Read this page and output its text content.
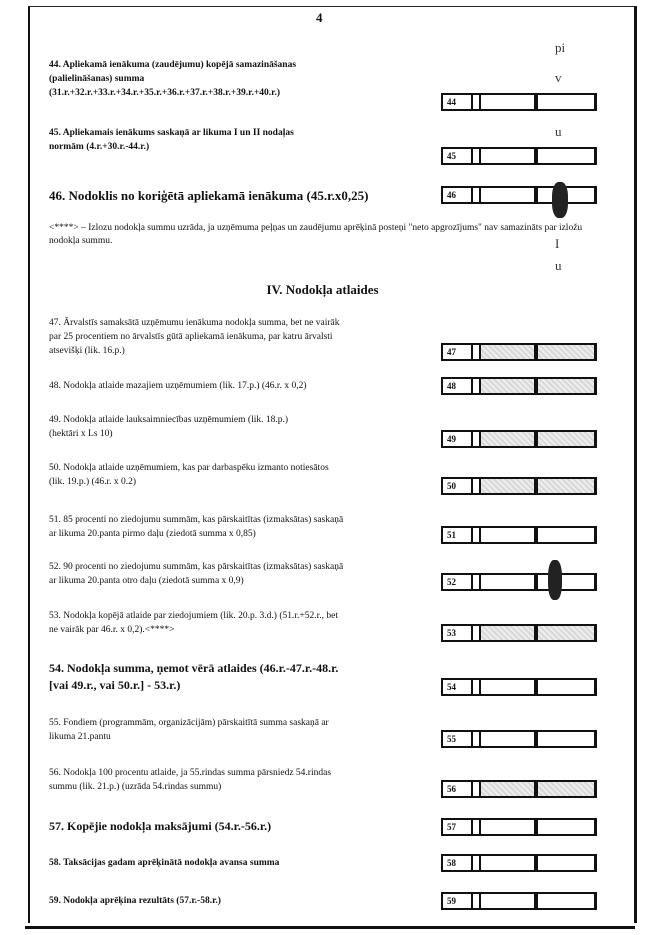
4
44. Apliekamā ienākuma (zaudējumu) kopējā samazināšanas
(palielināšanas) summa
(31.r.+32.r.+33.r.+34.r.+35.r.+36.r.+37.r.+38.r.+39.r.+40.r.)
44
45. Apliekamais ienākums saskaņā ar likuma I un II nodaļas
normām (4.r.+30.r.-44.r.)
45
46. Nodoklis no koriģētā apliekamā ienākuma (45.r.x0,25)	46
<****> – Izlozu nodokļa summu uzrāda, ja uzņēmuma peļņas un zaudējumu aprēķinā posteņi "neto apgrozījums" nav samazināts par izložu nodokļa summu.
IV. Nodokļa atlaides
47. Ārvalstīs samaksātā uzņēmumu ienākuma nodokļa summa, bet ne vairāk
par 25 procentiem no ārvalstīs gūtā apliekamā ienākuma, par katru ārvalsti
atsevišķi (lik. 16.p.)	47
48. Nodokļa atlaide mazajiem uzņēmumiem (lik. 17.p.) (46.r. x 0,2)	48
49. Nodokļa atlaide lauksaimniecības uzņēmumiem (lik. 18.p.)
(hektāri x Ls 10)	49
50. Nodokļa atlaide uzņēmumiem, kas par darbaspēku izmanto notiesātos
(lik. 19.p.) (46.r. x 0.2)	50
51. 85 procenti no ziedojumu summām, kas pārskaitītas (izmaksātas) saskaņā
ar likuma 20.panta pirmo daļu (ziedotā summa x 0,85)	51
52. 90 procenti no ziedojumu summām, kas pārskaitītas (izmaksātas) saskaņā
ar likuma 20.panta otro daļu (ziedotā summa x 0,9)	52
53. Nodokļa kopējā atlaide par ziedojumiem (lik. 20.p. 3.d.) (51.r.+52.r., bet
ne vairāk par 46.r. x 0,2).<****>	53
54. Nodokļa summa, ņemot vērā atlaides (46.r.-47.r.-48.r.
[vai 49.r., vai 50.r.] - 53.r.)	54
55. Fondiem (programmām, organizācijām) pārskaitītā summa saskaņā ar
likuma 21.pantu	55
56. Nodokļa 100 procentu atlaide, ja 55.rindas summa pārsniedz 54.rindas
summu (lik. 21.p.) (uzrāda 54.rindas summu)	56
57. Kopējie nodokļa maksājumi (54.r.-56.r.)	57
58. Taksācijas gadam aprēķinātā nodokļa avansa summa	58
59. Nodokļa aprēķina rezultāts (57.r.-58.r.)	59
pi
v
u
I
u
